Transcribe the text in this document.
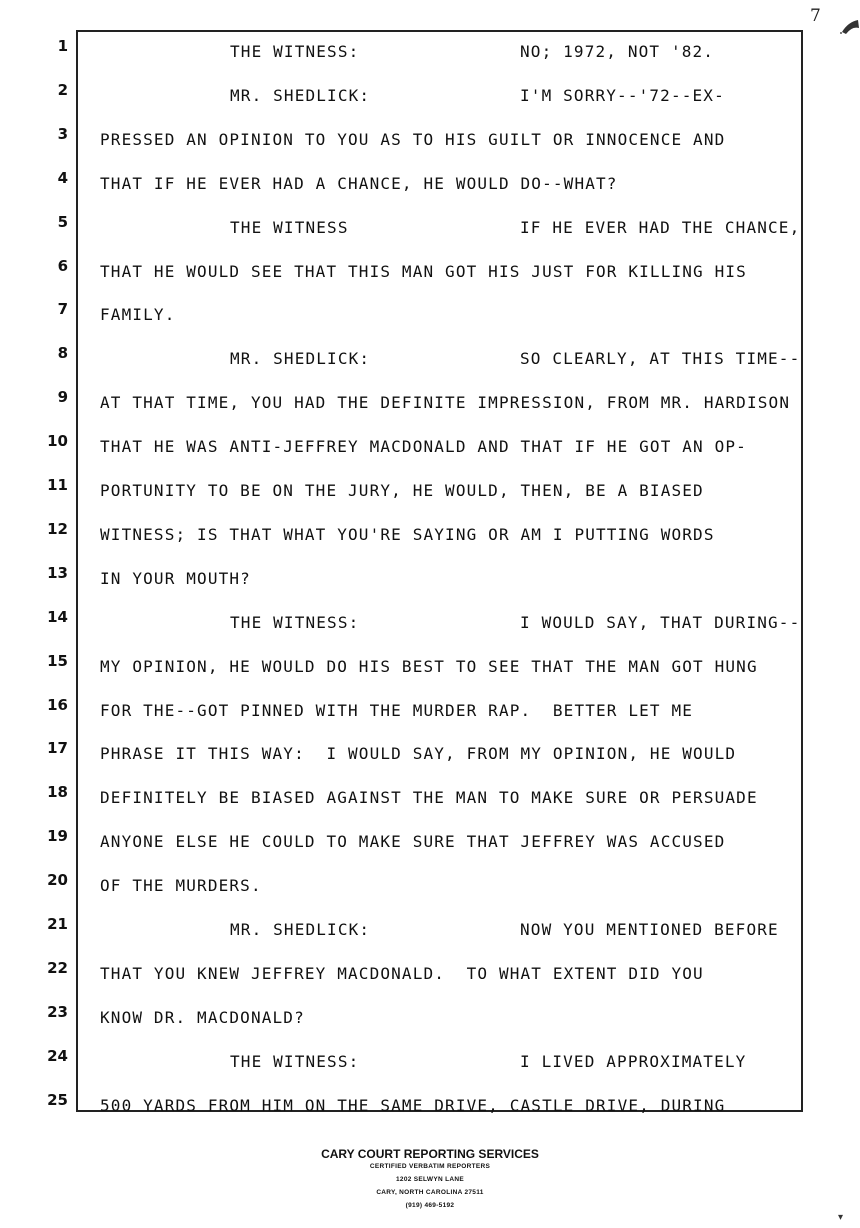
7
1	THE WITNESS:	NO; 1972, NOT '82.
2	MR. SHEDLICK:	I'M SORRY--'72--EX-
3 PRESSED AN OPINION TO YOU AS TO HIS GUILT OR INNOCENCE AND
4 THAT IF HE EVER HAD A CHANCE, HE WOULD DO--WHAT?
5	THE WITNESS	IF HE EVER HAD THE CHANCE,
6 THAT HE WOULD SEE THAT THIS MAN GOT HIS JUST FOR KILLING HIS
7 FAMILY.
8	MR. SHEDLICK:	SO CLEARLY, AT THIS TIME--
9 AT THAT TIME, YOU HAD THE DEFINITE IMPRESSION, FROM MR. HARDISON
10 THAT HE WAS ANTI-JEFFREY MACDONALD AND THAT IF HE GOT AN OP-
11 PORTUNITY TO BE ON THE JURY, HE WOULD, THEN, BE A BIASED
12 WITNESS; IS THAT WHAT YOU'RE SAYING OR AM I PUTTING WORDS
13 IN YOUR MOUTH?
14	THE WITNESS:	I WOULD SAY, THAT DURING--
15 MY OPINION, HE WOULD DO HIS BEST TO SEE THAT THE MAN GOT HUNG
16 FOR THE--GOT PINNED WITH THE MURDER RAP.  BETTER LET ME
17 PHRASE IT THIS WAY:  I WOULD SAY, FROM MY OPINION, HE WOULD
18 DEFINITELY BE BIASED AGAINST THE MAN TO MAKE SURE OR PERSUADE
19 ANYONE ELSE HE COULD TO MAKE SURE THAT JEFFREY WAS ACCUSED
20 OF THE MURDERS.
21	MR. SHEDLICK:	NOW YOU MENTIONED BEFORE
22 THAT YOU KNEW JEFFREY MACDONALD.  TO WHAT EXTENT DID YOU
23 KNOW DR. MACDONALD?
24	THE WITNESS:	I LIVED APPROXIMATELY
25 500 YARDS FROM HIM ON THE SAME DRIVE, CASTLE DRIVE, DURING
CARY COURT REPORTING SERVICES
CERTIFIED VERBATIM REPORTERS
1202 SELWYN LANE
CARY, NORTH CAROLINA 27511
(919) 469-5192
▾
